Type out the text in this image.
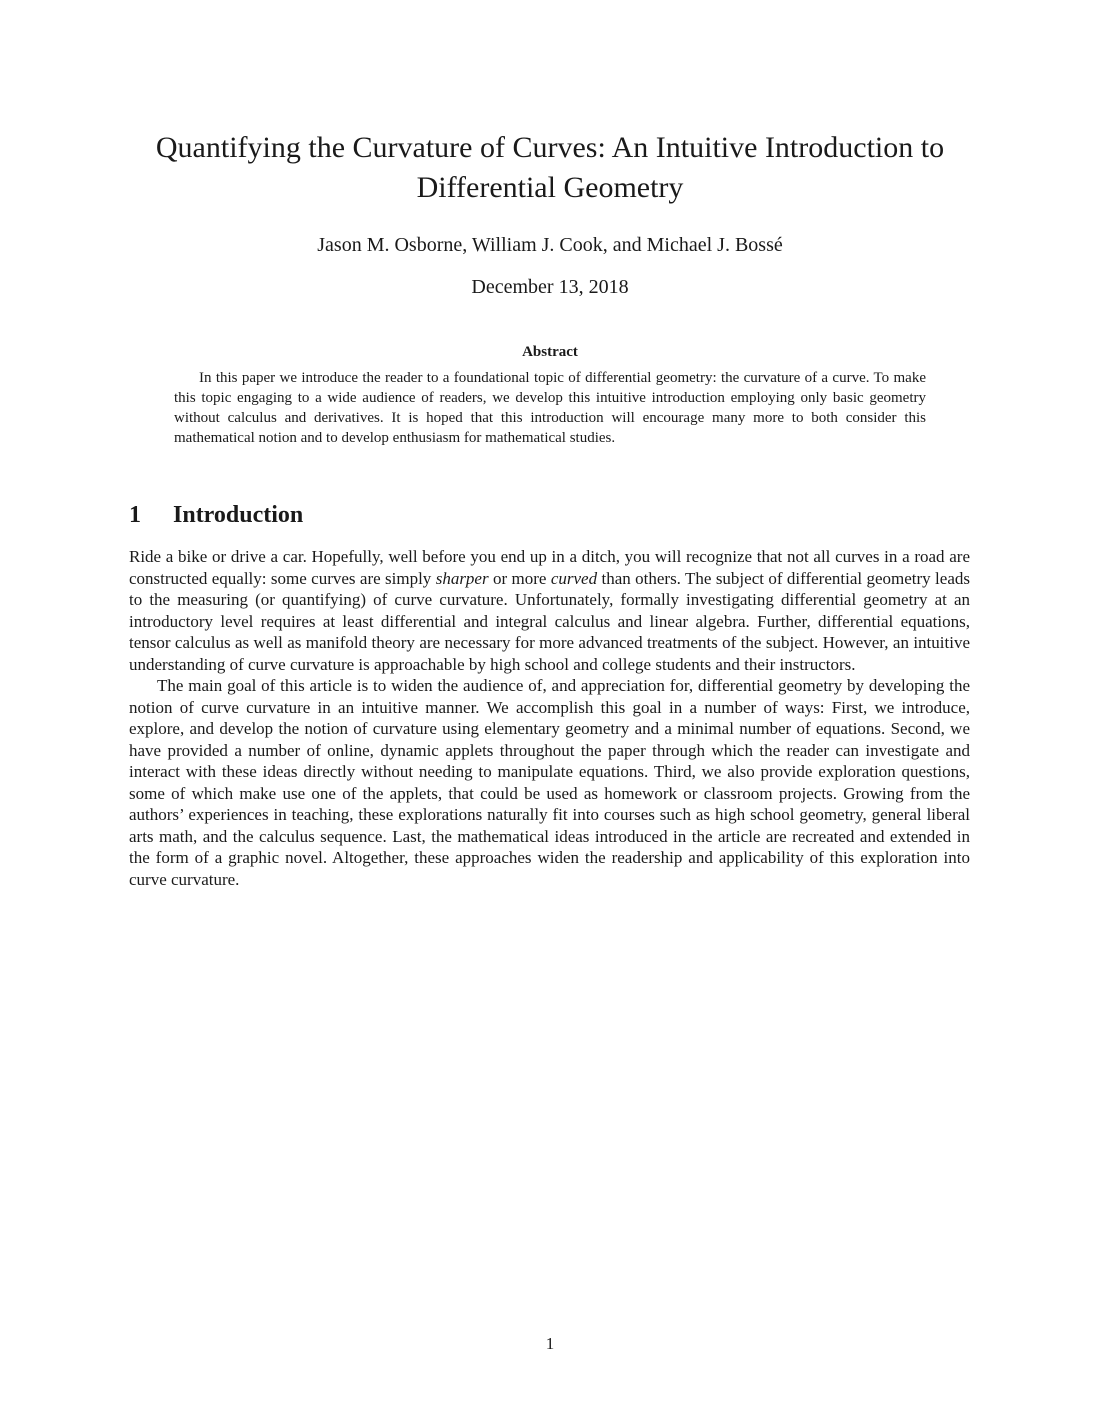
Quantifying the Curvature of Curves: An Intuitive Introduction to Differential Geometry
Jason M. Osborne, William J. Cook, and Michael J. Bossé
December 13, 2018
Abstract

In this paper we introduce the reader to a foundational topic of differential geometry: the curvature of a curve. To make this topic engaging to a wide audience of readers, we develop this intuitive introduction employing only basic geometry without calculus and derivatives. It is hoped that this introduction will encourage many more to both consider this mathematical notion and to develop enthusiasm for mathematical studies.

1 Introduction

Ride a bike or drive a car. Hopefully, well before you end up in a ditch, you will recognize that not all curves in a road are constructed equally: some curves are simply sharper or more curved than others. The subject of differential geometry leads to the measuring (or quantifying) of curve curvature. Unfortunately, formally investigating differential geometry at an introductory level requires at least differential and integral calculus and linear algebra. Further, differential equations, tensor calculus as well as manifold theory are necessary for more advanced treatments of the subject. However, an intuitive understanding of curve curvature is approachable by high school and college students and their instructors.

The main goal of this article is to widen the audience of, and appreciation for, differential geometry by developing the notion of curve curvature in an intuitive manner. We accomplish this goal in a number of ways: First, we introduce, explore, and develop the notion of curvature using elementary geometry and a minimal number of equations. Second, we have provided a number of online, dynamic applets throughout the paper through which the reader can investigate and interact with these ideas directly without needing to manipulate equations. Third, we also provide exploration questions, some of which make use one of the applets, that could be used as homework or classroom projects. Growing from the authors’ experiences in teaching, these explorations naturally fit into courses such as high school geometry, general liberal arts math, and the calculus sequence. Last, the mathematical ideas introduced in the article are recreated and extended in the form of a graphic novel. Altogether, these approaches widen the readership and applicability of this exploration into curve curvature.

1
